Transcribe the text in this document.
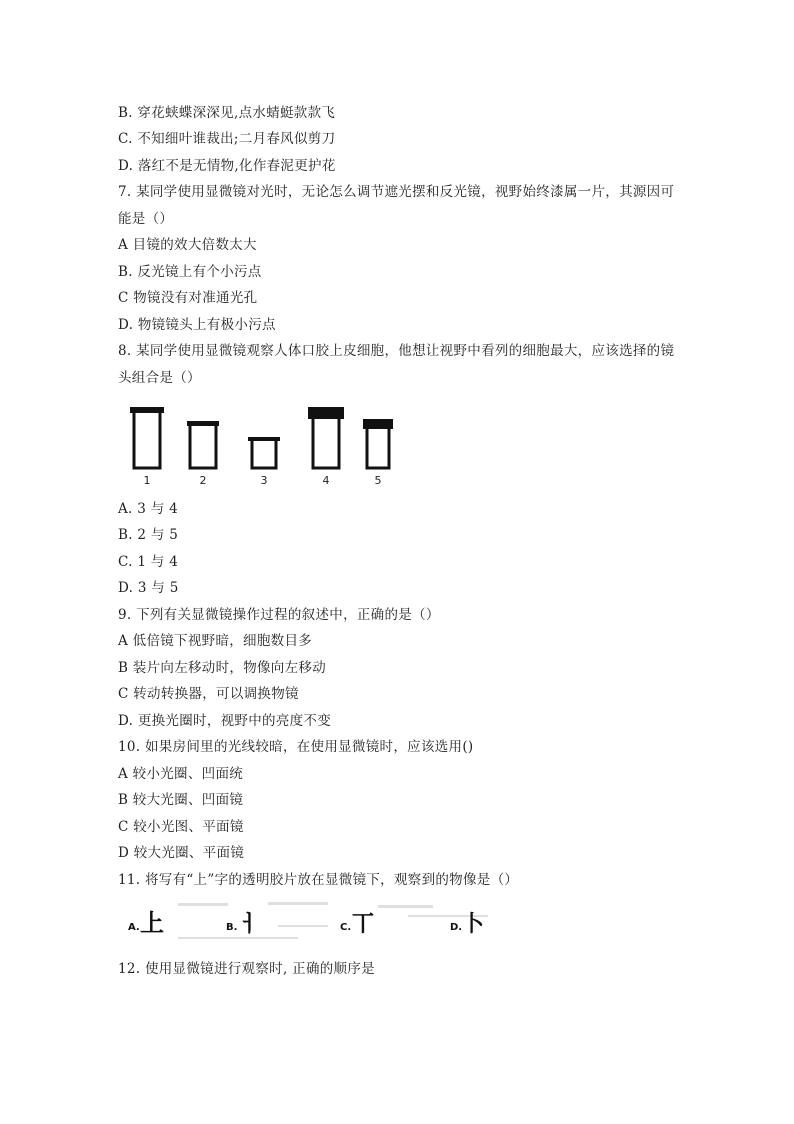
B. 穿花蛱蝶深深见,点水蜻蜓款款飞
C. 不知细叶谁裁出;二月春风似剪刀
D. 落红不是无情物,化作春泥更护花
7. 某同学使用显微镜对光时，无论怎么调节遮光摆和反光镜，视野始终漆属一片，其源因可
能是（）
A 目镜的效大倍数太大
B. 反光镜上有个小污点
C 物镜没有对准通光孔
D. 物镜镜头上有极小污点
8. 某同学使用显微镜观察人体口胶上皮细胞，他想让视野中看列的细胞最大，应该选择的镜
头组合是（）
1	2	3	4	5
A. 3 与 4
B. 2 与 5
C. 1 与 4
D. 3 与 5
9. 下列有关显微镜操作过程的叙述中，正确的是（）
A 低倍镜下视野暗，细胞数目多
B 装片向左移动时，物像向左移动
C 转动转换器，可以调换物镜
D. 更换光圈时，视野中的亮度不变
10. 如果房间里的光线较暗，在使用显微镜时，应该选用()
A 较小光圈、凹面统
B 较大光圈、凹面镜
C 较小光图、平面镜
D 较大光圈、平面镜
11. 将写有“上”字的透明胶片放在显微镜下，观察到的物像是（）
A. 上	B. ㅓ	C. 丅	D. 卜
12. 使用显微镜进行观察时, 正确的顺序是
